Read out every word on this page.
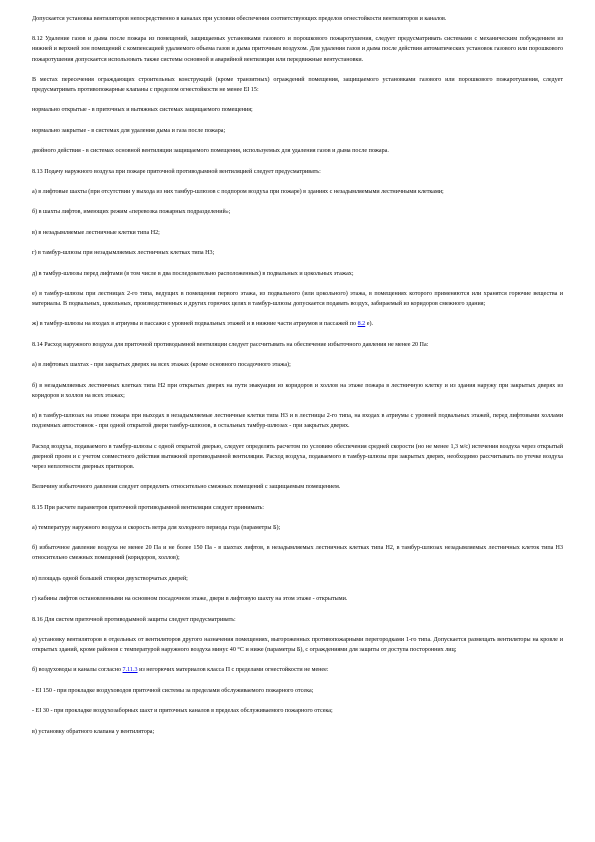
Допускается установка вентиляторов непосредственно в каналах при условии обеспечения соответствующих пределов огнестойкости вентиляторов и каналов.

8.12 Удаление газов и дыма после пожара из помещений, защищаемых установками газового и порошкового пожаротушения, следует предусматривать системами с механическим побуждением из нижней и верхней зон помещений с компенсацией удаляемого объема газов и дыма приточным воздухом. Для удаления газов и дыма после действия автоматических установок газового или порошкового пожаротушения допускается использовать также системы основной и аварийной вентиляции или передвижные вентустановки.

В местах пересечения ограждающих строительных конструкций (кроме транзитных) ограждений помещения, защищаемого установками газового или порошкового пожаротушения, следует предусматривать противопожарные клапаны с пределом огнестойкости не менее EI 15:

нормально открытые - в приточных и вытяжных системах защищаемого помещения;

нормально закрытые - в системах для удаления дыма и газа после пожара;

двойного действия - в системах основной вентиляции защищаемого помещения, используемых для удаления газов и дыма после пожара.

8.13 Подачу наружного воздуха при пожаре приточной противодымной вентиляцией следует предусматривать:

а) в лифтовые шахты (при отсутствии у выхода из них тамбур-шлюзов с подпором воздуха при пожаре) в зданиях с незадымляемыми лестничными клетками;

б) в шахты лифтов, имеющих режим «перевозка пожарных подразделений»;

в) в незадымляемые лестничные клетки типа Н2;

г) в тамбур-шлюзы при незадымляемых лестничных клетках типа Н3;

д) в тамбур-шлюзы перед лифтами (в том числе в два последовательно расположенных) в подвальных и цокольных этажах;

е) в тамбур-шлюзы при лестницах 2-го типа, ведущих в помещения первого этажа, из подвального (или цокольного) этажа, в помещениях которого применяются или хранятся горючие вещества и материалы. В подвальных, цокольных, производственных и других горючих целях в тамбур-шлюзы допускается подавать воздух, забираемый из коридоров смежного здания;

ж) в тамбур-шлюзы на входах в атриумы и пассажи с уровней подвальных этажей и в нижние части атриумов и пассажей по 8.2 е).

8.14 Расход наружного воздуха для приточной противодымной вентиляции следует рассчитывать на обеспечение избыточного давления не менее 20 Па:

а) в лифтовых шахтах - при закрытых дверях на всех этажах (кроме основного посадочного этажа);

б) в незадымляемых лестничных клетках типа Н2 при открытых дверях на пути эвакуации из коридоров и холлов на этаже пожара в лестничную клетку и из здания наружу при закрытых дверях из коридоров и холлов на всех этажах;

в) в тамбур-шлюзах на этаже пожара при выходах в незадымляемые лестничные клетки типа Н3 и в лестницы 2-го типа, на входах в атриумы с уровней подвальных этажей, перед лифтовыми холлами подземных автостоянок - при одной открытой двери тамбур-шлюзов, в остальных тамбур-шлюзах - при закрытых дверях.

Расход воздуха, подаваемого в тамбур-шлюзы с одной открытой дверью, следует определять расчетом по условию обеспечения средней скорости (но не менее 1,3 м/с) истечения воздуха через открытый дверной проем и с учетом совместного действия вытяжной противодымной вентиляции. Расход воздуха, подаваемого в тамбур-шлюзы при закрытых дверях, необходимо рассчитывать по утечке воздуха через неплотности дверных притворов.

Величину избыточного давления следует определять относительно смежных помещений с защищаемым помещением.

8.15 При расчете параметров приточной противодымной вентиляции следует принимать:

а) температуру наружного воздуха и скорость ветра для холодного периода года (параметры Б);

б) избыточное давление воздуха не менее 20 Па и не более 150 Па - в шахтах лифтов, в незадымляемых лестничных клетках типа Н2, в тамбур-шлюзах незадымляемых лестничных клеток типа Н3 относительно смежных помещений (коридоров, холлов);

в) площадь одной большей створки двухстворчатых дверей;

г) кабины лифтов остановленными на основном посадочном этаже, двери в лифтовую шахту на этом этаже - открытыми.

8.16 Для систем приточной противодымной защиты следует предусматривать:

а) установку вентиляторов в отдельных от вентиляторов другого назначения помещениях, выгороженных противопожарными перегородками 1-го типа. Допускается размещать вентиляторы на кровле и открытых зданий, кроме районов с температурой наружного воздуха минус 40 °С и ниже (параметры Б), с ограждениями для защиты от доступа посторонних лиц;

б) воздуховоды и каналы согласно 7.11.3 из негорючих материалов класса П с пределами огнестойкости не менее:

- EI 150 - при прокладке воздуховодов приточной системы за пределами обслуживаемого пожарного отсека;

- EI 30 - при прокладке воздухозаборных шахт и приточных каналов в пределах обслуживаемого пожарного отсека;

в) установку обратного клапана у вентилятора;
